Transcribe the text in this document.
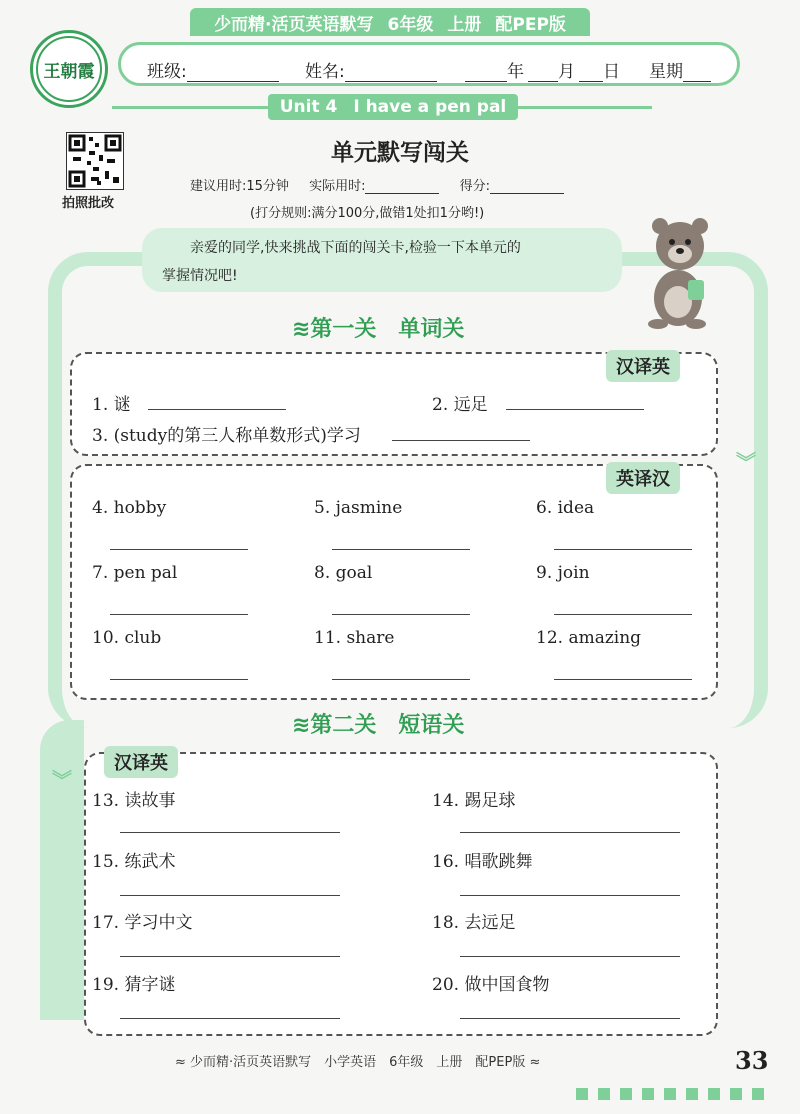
少而精·活页英语默写 6年级 上册 配PEP版
王朝霞	班级:	姓名:	年 月 日 星期
Unit 4 I have a pen pal
拍照批改
单元默写闯关
建议用时:15分钟 实际用时:	得分:
(打分规则:满分100分,做错1处扣1分哟!)
亲爱的同学,快来挑战下面的闯关卡,检验一下本单元的
掌握情况吧!
≋第一关　单词关
汉译英
1. 谜	2. 远足
3. (study的第三人称单数形式)学习
英译汉
4. hobby	5. jasmine	6. idea
7. pen pal	8. goal	9. join
10. club	11. share	12. amazing
︾
︾
≋第二关　短语关
汉译英
13. 读故事	14. 踢足球
15. 练武术	16. 唱歌跳舞
17. 学习中文	18. 去远足
19. 猜字谜	20. 做中国食物
≈ 少而精·活页英语默写　小学英语　6年级　上册　配PEP版 ≈	33
